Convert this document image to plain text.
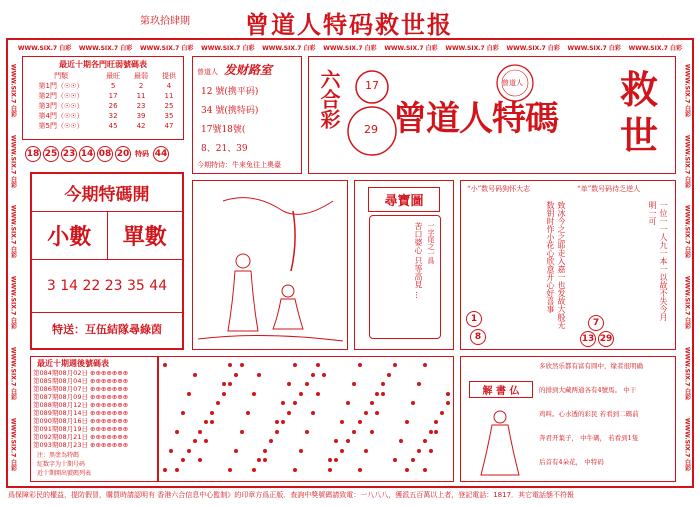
第玖拾肆期 曾道人特码救世报
WWW.SIX.7 白彩 WWW.SIX.7 白彩 WWW.SIX.7 白彩 WWW.SIX.7 白彩 WWW.SIX.7 白彩 WWW.SIX.7 白彩 WWW.SIX.7 白彩 WWW.SIX.7 白彩 WWW.SIX.7 白彩 WWW.SIX.7 白彩 WWW.SIX.7 白彩
WWW.SIX.7 白彩
WWW.SIX.7 白彩
WWW.SIX.7 白彩
WWW.SIX.7 白彩
WWW.SIX.7 白彩
WWW.SIX.7 白彩
WWW.SIX.7 白彩
WWW.SIX.7 白彩
WWW.SIX.7 白彩
WWW.SIX.7 白彩
WWW.SIX.7 白彩
WWW.SIX.7 白彩
最近十期各門旺弱號碼表
門類	最旺	最弱	提供
第1門（☉☉）	5	2	4
第2門（☉☉）	17	11	11
第3門（☉☉）	26	23	25
第4門（☉☉）	32	39	35
第5門（☉☉）	45	42	47
18 25 23 14 08 20 特码 44
今期特碼開
小數	單數
3 14 22 23 35 44
特送：互伍結隊尋綠茵
曾道人 发财路室
12 號(携平码)
34 號(携特码)
17號18號(
8、21、39
今期特诗：牛來兔往上奧臺
六合彩 17
29
曾道人
曾道人特碼
救世
尋寶圖
一字尾之一爲
苦口婆心 只等高見 ...
“小”数号码狗怀大志	“单”数号码待乏逆人
致冰今之之耶走入嘉一也发故大般无数钥时作小花心欣意开心好喜事	一位一一人九一本一以故不失今月明一可
1
8
7
13 29
最近十期週後號碼表
第084期08月02日 ⊕⊕⊕⊕⊕⊕⊕
第085期08月04日 ⊕⊕⊕⊕⊕⊕⊕
第086期08月07日 ⊕⊕⊕⊕⊕⊕⊕
第087期08月09日 ⊕⊕⊕⊕⊕⊕⊕
第088期08月12日 ⊕⊕⊕⊕⊕⊕⊕
第089期08月14日 ⊕⊕⊕⊕⊕⊕⊕
第090期08月16日 ⊕⊕⊕⊕⊕⊕⊕
第091期08月19日 ⊕⊕⊕⊕⊕⊕⊕
第092期08月21日 ⊕⊕⊕⊕⊕⊕⊕
第093期08月23日 ⊕⊕⊕⊕⊕⊕⊕
注：黑塗為特碼
紅数字为十期号码
近十期開出號碼列表
解 書 仏
多欣然乐都有富有圆中，缘者很明确
的排到大藏两通各有4號馬。 中干
鸡叫。心水透的彩民 若看到二碼前
奔君开葉子， 中牛碼， 若看到1隻
后首有4朵花， 中特码
爲保障彩民的權益，提防假冒，購買時請認明有 香港六合信息中心監制》的印章方爲正版．查詢中獎號碼請致電：一八八八，獲派五百萬以上者，登記電話：1817．其它電話態不符報
